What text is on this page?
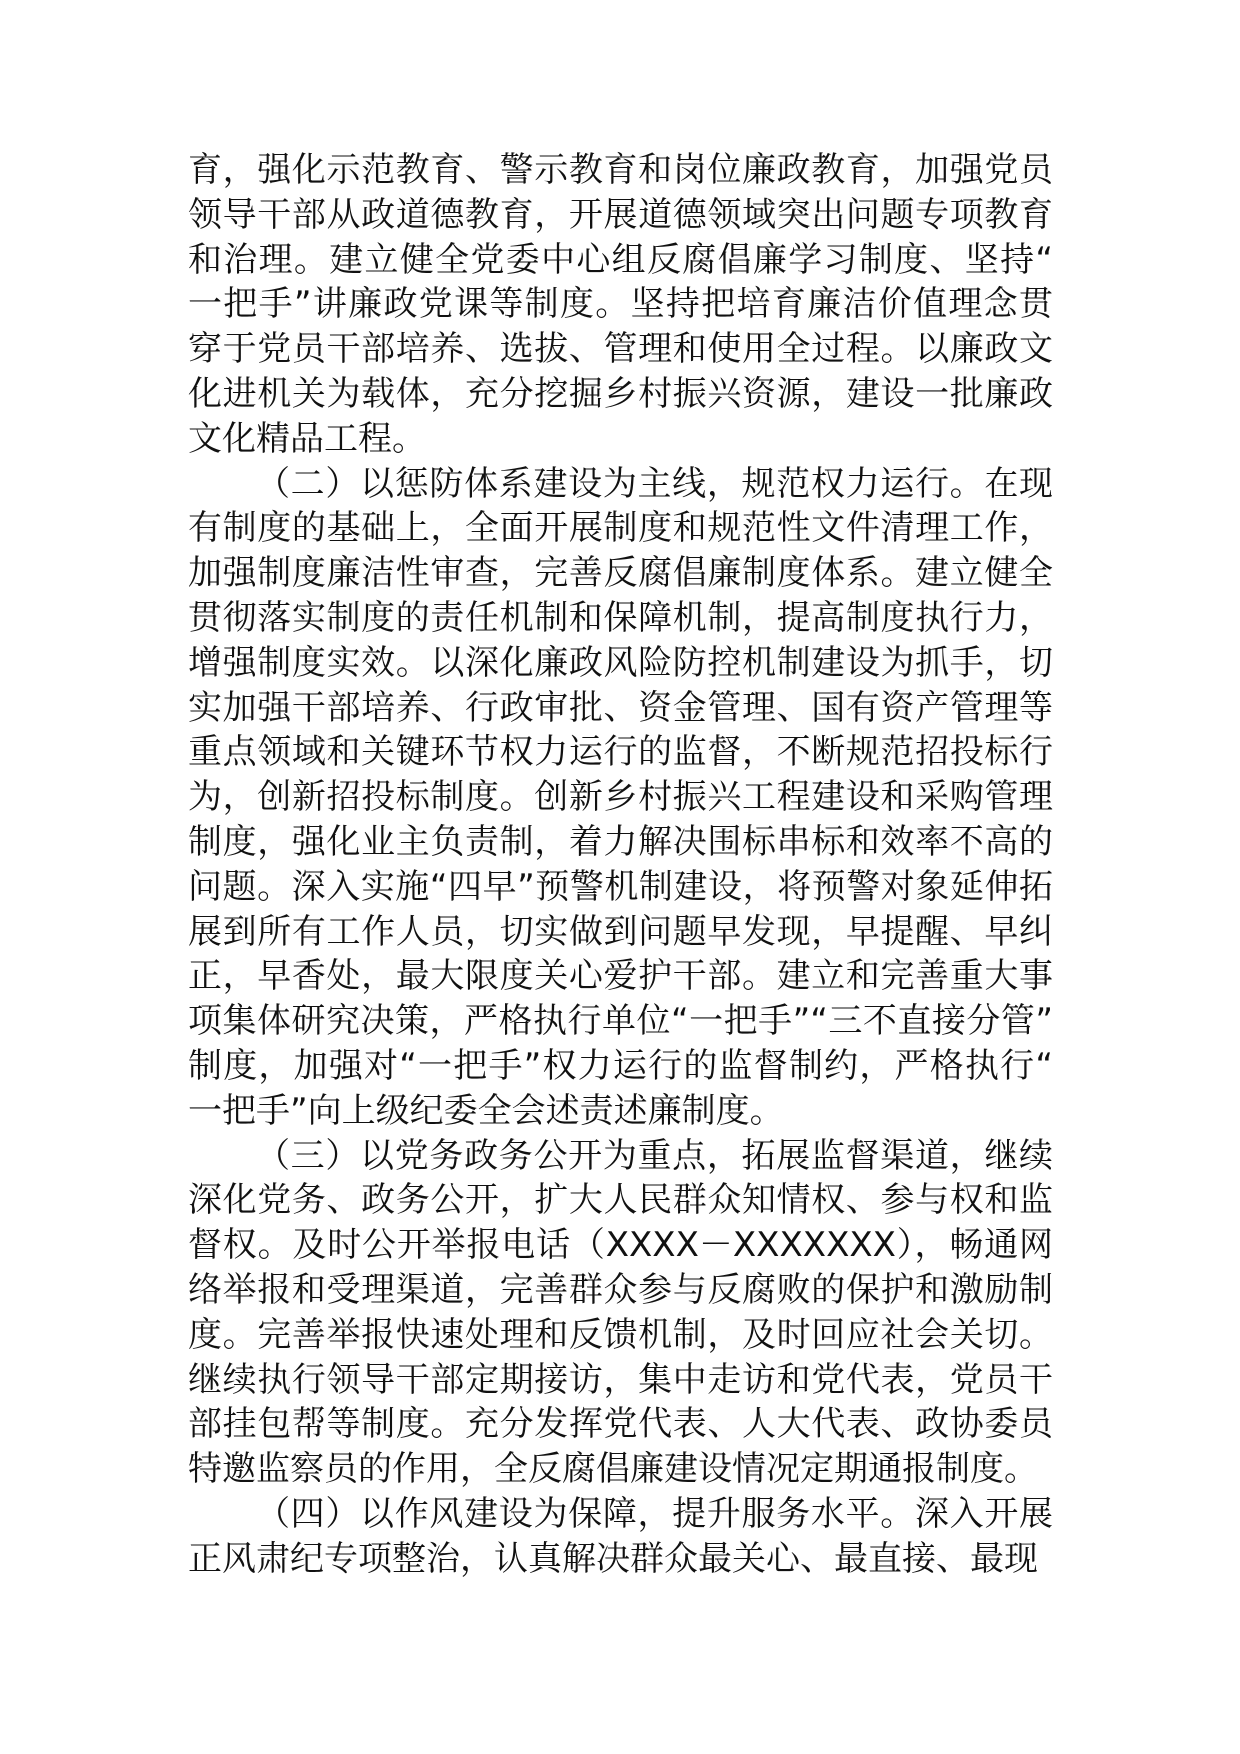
育，强化示范教育、警示教育和岗位廉政教育，加强党员领导干部从政道德教育，开展道德领域突出问题专项教育和治理。建立健全党委中心组反腐倡廉学习制度、坚持“一把手”讲廉政党课等制度。坚持把培育廉洁价值理念贯穿于党员干部培养、选拔、管理和使用全过程。以廉政文化进机关为载体，充分挖掘乡村振兴资源，建设一批廉政文化精品工程。

（二）以惩防体系建设为主线，规范权力运行。在现有制度的基础上，全面开展制度和规范性文件清理工作，加强制度廉洁性审查，完善反腐倡廉制度体系。建立健全贯彻落实制度的责任机制和保障机制，提高制度执行力，增强制度实效。以深化廉政风险防控机制建设为抓手，切实加强干部培养、行政审批、资金管理、国有资产管理等重点领域和关键环节权力运行的监督，不断规范招投标行为，创新招投标制度。创新乡村振兴工程建设和采购管理制度，强化业主负责制，着力解决围标串标和效率不高的问题。深入实施“四早”预警机制建设，将预警对象延伸拓展到所有工作人员，切实做到问题早发现，早提醒、早纠正，早香处，最大限度关心爱护干部。建立和完善重大事项集体研究决策，严格执行单位“一把手”“三不直接分管”制度，加强对“一把手”权力运行的监督制约，严格执行“一把手”向上级纪委全会述责述廉制度。

（三）以党务政务公开为重点，拓展监督渠道，继续深化党务、政务公开，扩大人民群众知情权、参与权和监督权。及时公开举报电话（XXXX－XXXXXXX），畅通网络举报和受理渠道，完善群众参与反腐败的保护和激励制度。完善举报快速处理和反馈机制，及时回应社会关切。继续执行领导干部定期接访，集中走访和党代表，党员干部挂包帮等制度。充分发挥党代表、人大代表、政协委员特邀监察员的作用，全反腐倡廉建设情况定期通报制度。

（四）以作风建设为保障，提升服务水平。深入开展正风肃纪专项整治，认真解决群众最关心、最直接、最现
